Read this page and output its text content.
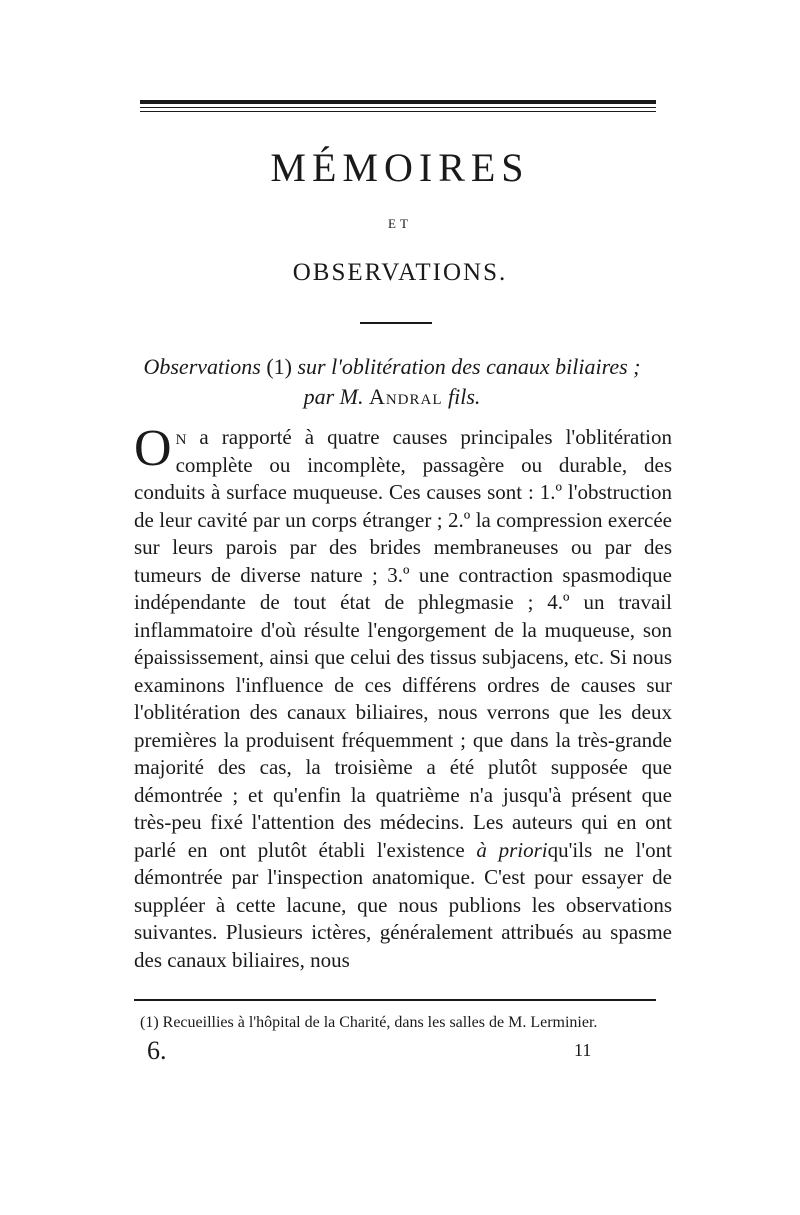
MÉMOIRES
ET
OBSERVATIONS.
Observations (1) sur l'oblitération des canaux biliaires ;
par M. Andral fils.

On a rapporté à quatre causes principales l'oblitération complète ou incomplète, passagère ou durable, des conduits à surface muqueuse. Ces causes sont : 1.º l'obstruction de leur cavité par un corps étranger ; 2.º la compression exercée sur leurs parois par des brides membraneuses ou par des tumeurs de diverse nature ; 3.º une contraction spasmodique indépendante de tout état de phlegmasie ; 4.º un travail inflammatoire d'où résulte l'engorgement de la muqueuse, son épaississement, ainsi que celui des tissus subjacens, etc. Si nous examinons l'influence de ces différens ordres de causes sur l'oblitération des canaux biliaires, nous verrons que les deux premières la produisent fréquemment ; que dans la très-grande majorité des cas, la troisième a été plutôt supposée que démontrée ; et qu'enfin la quatrième n'a jusqu'à présent que très-peu fixé l'attention des médecins. Les auteurs qui en ont parlé en ont plutôt établi l'existence à prioriqu'ils ne l'ont démontrée par l'inspection anatomique. C'est pour essayer de suppléer à cette lacune, que nous publions les observations suivantes. Plusieurs ictères, généralement attribués au spasme des canaux biliaires, nous

(1) Recueillies à l'hôpital de la Charité, dans les salles de M. Lerminier.
6.	11
